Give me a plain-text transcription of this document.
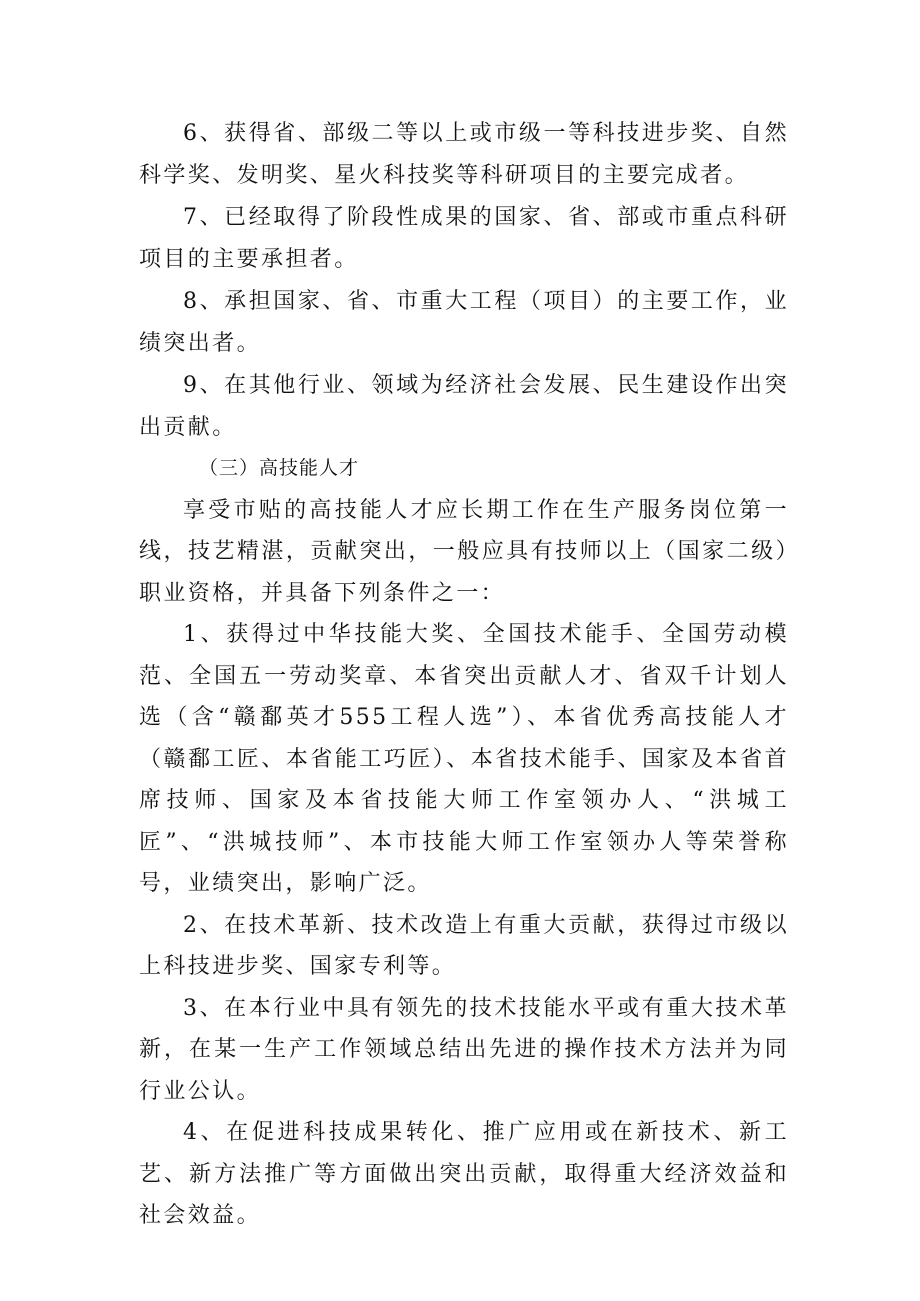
6、获得省、部级二等以上或市级一等科技进步奖、自然科学奖、发明奖、星火科技奖等科研项目的主要完成者。

7、已经取得了阶段性成果的国家、省、部或市重点科研项目的主要承担者。

8、承担国家、省、市重大工程（项目）的主要工作，业绩突出者。

9、在其他行业、领域为经济社会发展、民生建设作出突出贡献。

（三）高技能人才

享受市贴的高技能人才应长期工作在生产服务岗位第一线，技艺精湛，贡献突出，一般应具有技师以上（国家二级）职业资格，并具备下列条件之一：

1、获得过中华技能大奖、全国技术能手、全国劳动模范、全国五一劳动奖章、本省突出贡献人才、省双千计划人选（含“赣鄱英才555工程人选”）、本省优秀高技能人才（赣鄱工匠、本省能工巧匠）、本省技术能手、国家及本省首席技师、国家及本省技能大师工作室领办人、“洪城工匠”、“洪城技师”、本市技能大师工作室领办人等荣誉称号，业绩突出，影响广泛。

2、在技术革新、技术改造上有重大贡献，获得过市级以上科技进步奖、国家专利等。

3、在本行业中具有领先的技术技能水平或有重大技术革新，在某一生产工作领域总结出先进的操作技术方法并为同行业公认。

4、在促进科技成果转化、推广应用或在新技术、新工艺、新方法推广等方面做出突出贡献，取得重大经济效益和社会效益。
